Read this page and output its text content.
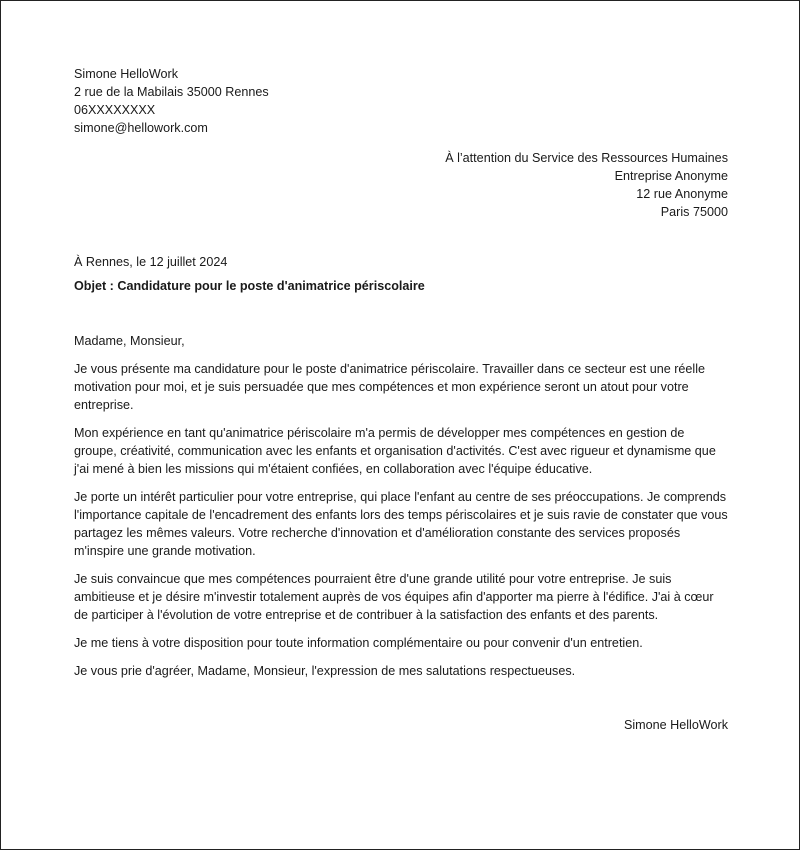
Simone HelloWork
2 rue de la Mabilais 35000 Rennes
06XXXXXXXX
simone@hellowork.com
À l’attention du Service des Ressources Humaines
Entreprise Anonyme
12 rue Anonyme
Paris 75000
À Rennes, le 12 juillet 2024
Objet : Candidature pour le poste d'animatrice périscolaire
Madame, Monsieur,
Je vous présente ma candidature pour le poste d'animatrice périscolaire. Travailler dans ce secteur est une réelle motivation pour moi, et je suis persuadée que mes compétences et mon expérience seront un atout pour votre entreprise.
Mon expérience en tant qu'animatrice périscolaire m'a permis de développer mes compétences en gestion de groupe, créativité, communication avec les enfants et organisation d'activités. C'est avec rigueur et dynamisme que j'ai mené à bien les missions qui m'étaient confiées, en collaboration avec l'équipe éducative.
Je porte un intérêt particulier pour votre entreprise, qui place l'enfant au centre de ses préoccupations. Je comprends l'importance capitale de l'encadrement des enfants lors des temps périscolaires et je suis ravie de constater que vous partagez les mêmes valeurs. Votre recherche d'innovation et d'amélioration constante des services proposés m'inspire une grande motivation.
Je suis convaincue que mes compétences pourraient être d'une grande utilité pour votre entreprise. Je suis ambitieuse et je désire m'investir totalement auprès de vos équipes afin d'apporter ma pierre à l'édifice. J'ai à cœur de participer à l'évolution de votre entreprise et de contribuer à la satisfaction des enfants et des parents.
Je me tiens à votre disposition pour toute information complémentaire ou pour convenir d'un entretien.
Je vous prie d'agréer, Madame, Monsieur, l'expression de mes salutations respectueuses.
Simone HelloWork
